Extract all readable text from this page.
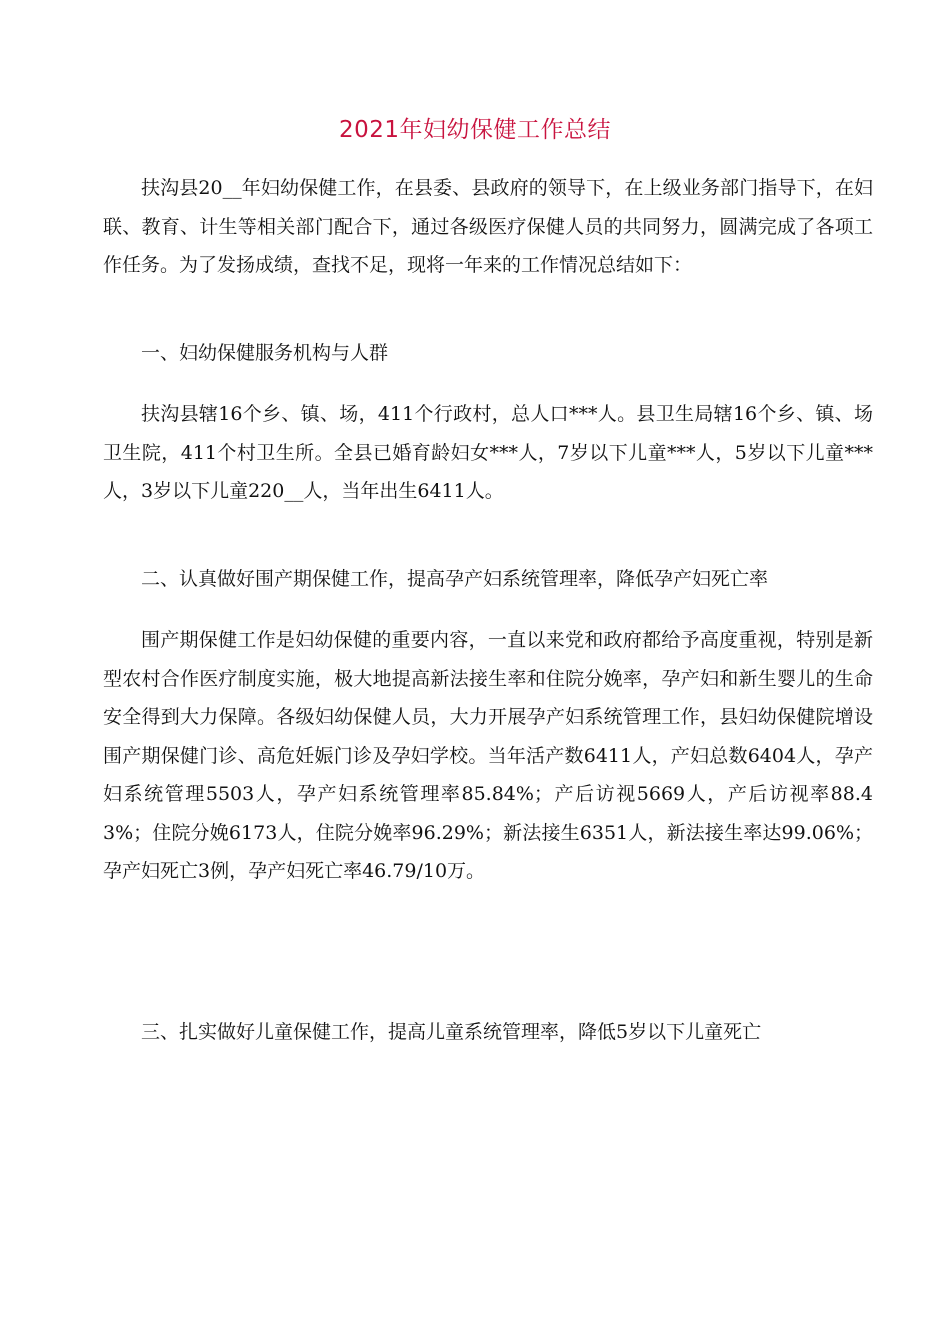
2021年妇幼保健工作总结

扶沟县20__年妇幼保健工作，在县委、县政府的领导下，在上级业务部门指导下，在妇联、教育、计生等相关部门配合下，通过各级医疗保健人员的共同努力，圆满完成了各项工作任务。为了发扬成绩，查找不足，现将一年来的工作情况总结如下：

一、妇幼保健服务机构与人群

扶沟县辖16个乡、镇、场，411个行政村，总人口***人。县卫生局辖16个乡、镇、场卫生院，411个村卫生所。全县已婚育龄妇女***人，7岁以下儿童***人，5岁以下儿童***人，3岁以下儿童220__人，当年出生6411人。

二、认真做好围产期保健工作，提高孕产妇系统管理率，降低孕产妇死亡率

围产期保健工作是妇幼保健的重要内容，一直以来党和政府都给予高度重视，特别是新型农村合作医疗制度实施，极大地提高新法接生率和住院分娩率，孕产妇和新生婴儿的生命安全得到大力保障。各级妇幼保健人员，大力开展孕产妇系统管理工作，县妇幼保健院增设围产期保健门诊、高危妊娠门诊及孕妇学校。当年活产数6411人，产妇总数6404人，孕产妇系统管理5503人，孕产妇系统管理率85.84%；产后访视5669人，产后访视率88.43%；住院分娩6173人，住院分娩率96.29%；新法接生6351人，新法接生率达99.06%；孕产妇死亡3例，孕产妇死亡率46.79/10万。

三、扎实做好儿童保健工作，提高儿童系统管理率，降低5岁以下儿童死亡
